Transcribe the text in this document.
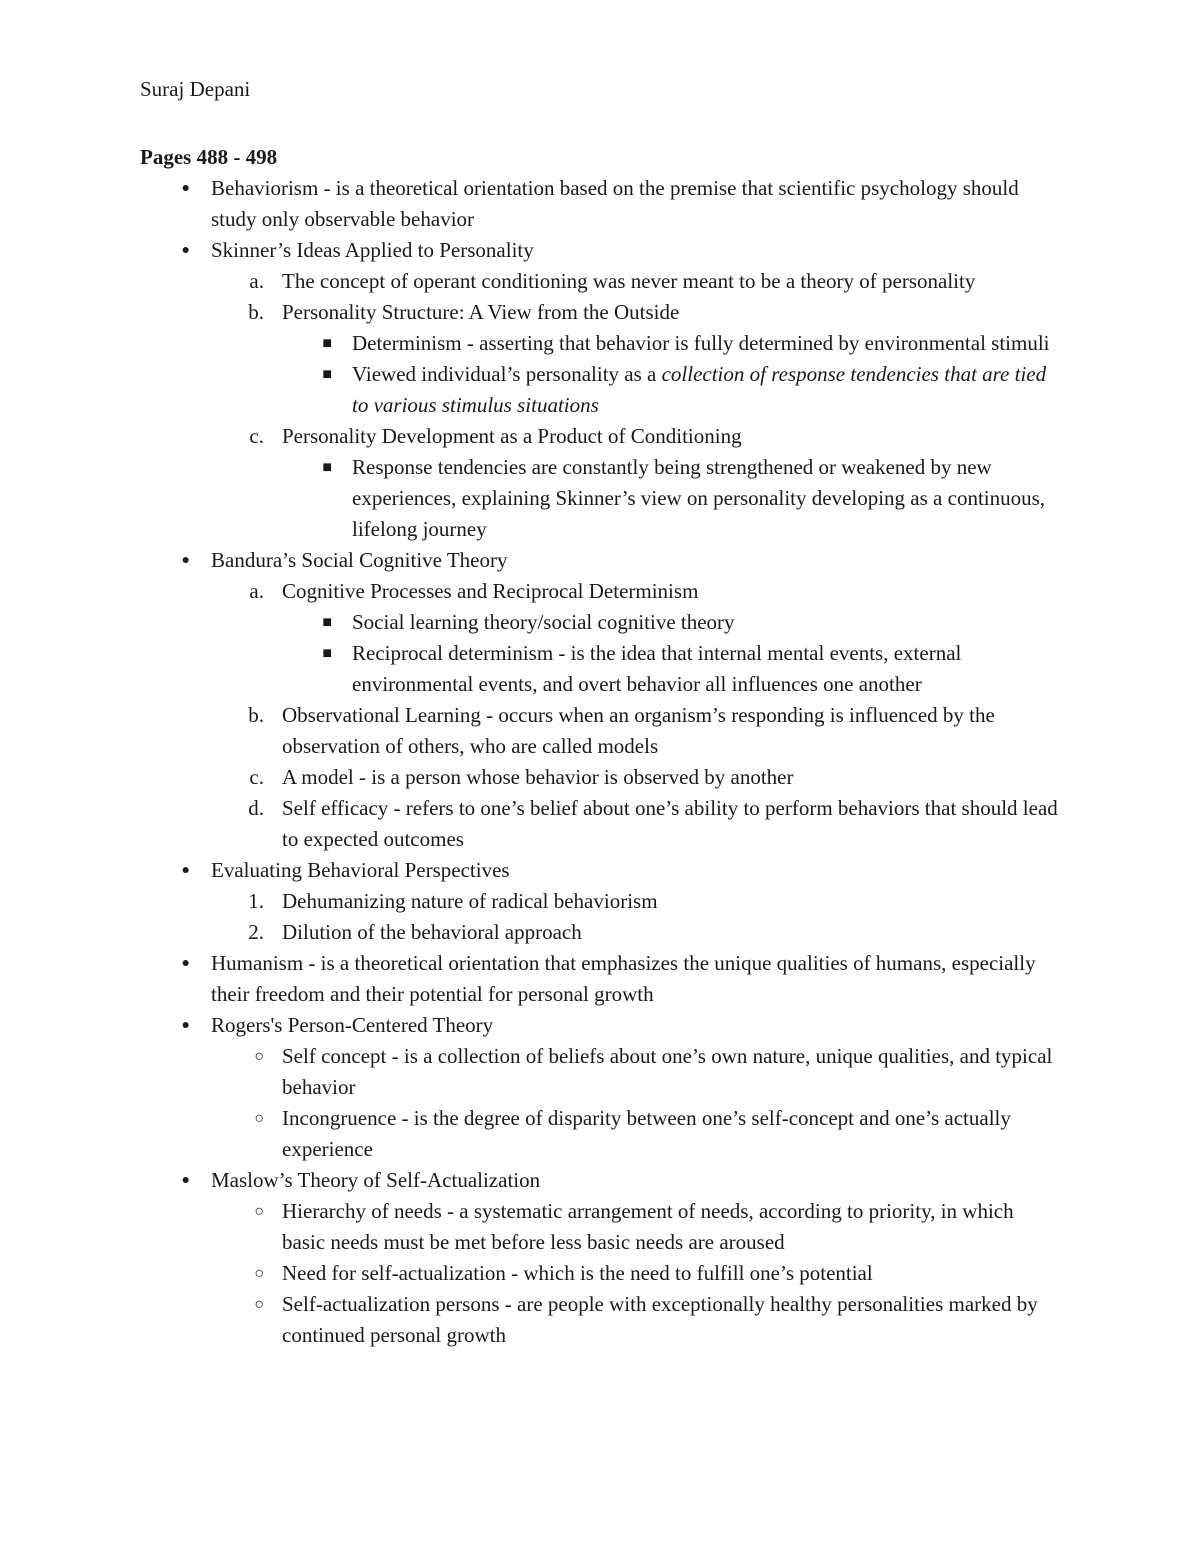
Suraj Depani

Pages 488 - 498

● Behaviorism - is a theoretical orientation based on the premise that scientific psychology should study only observable behavior
● Skinner’s Ideas Applied to Personality
a. The concept of operant conditioning was never meant to be a theory of personality
b. Personality Structure: A View from the Outside
■ Determinism - asserting that behavior is fully determined by environmental stimuli
■ Viewed individual’s personality as a collection of response tendencies that are tied to various stimulus situations
c. Personality Development as a Product of Conditioning
■ Response tendencies are constantly being strengthened or weakened by new experiences, explaining Skinner’s view on personality developing as a continuous, lifelong journey
● Bandura’s Social Cognitive Theory
a. Cognitive Processes and Reciprocal Determinism
■ Social learning theory/social cognitive theory
■ Reciprocal determinism - is the idea that internal mental events, external environmental events, and overt behavior all influences one another
b. Observational Learning - occurs when an organism’s responding is influenced by the observation of others, who are called models
c. A model - is a person whose behavior is observed by another
d. Self efficacy - refers to one’s belief about one’s ability to perform behaviors that should lead to expected outcomes
● Evaluating Behavioral Perspectives
1. Dehumanizing nature of radical behaviorism
2. Dilution of the behavioral approach
● Humanism - is a theoretical orientation that emphasizes the unique qualities of humans, especially their freedom and their potential for personal growth
● Rogers's Person-Centered Theory
○ Self concept - is a collection of beliefs about one’s own nature, unique qualities, and typical behavior
○ Incongruence - is the degree of disparity between one’s self-concept and one’s actually experience
● Maslow’s Theory of Self-Actualization
○ Hierarchy of needs - a systematic arrangement of needs, according to priority, in which basic needs must be met before less basic needs are aroused
○ Need for self-actualization - which is the need to fulfill one’s potential
○ Self-actualization persons - are people with exceptionally healthy personalities marked by continued personal growth
